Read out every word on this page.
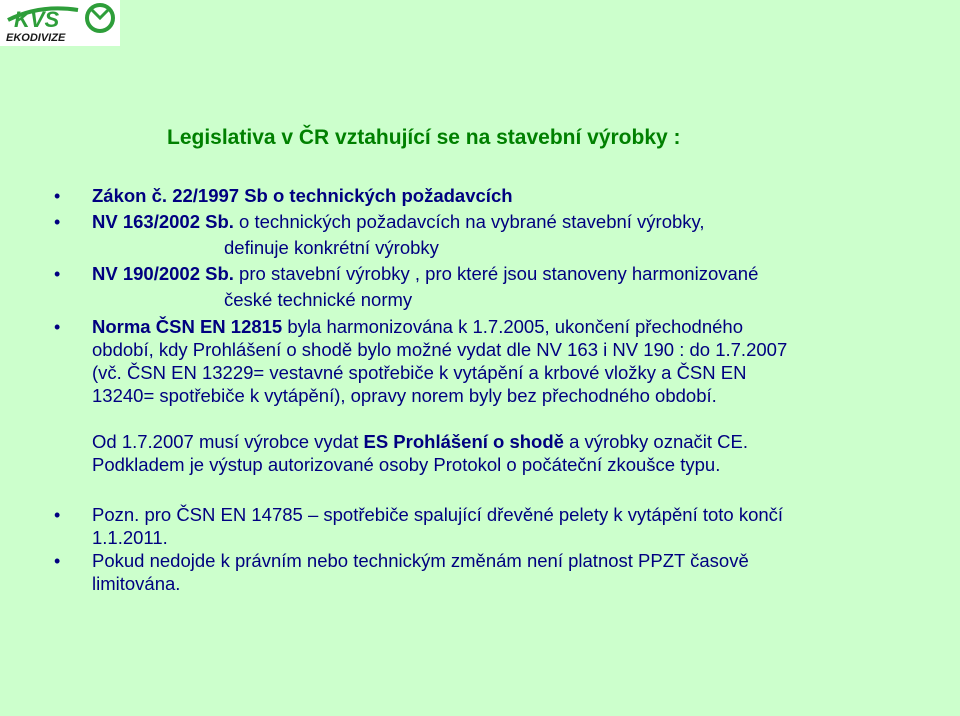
KVS
EKODIVIZE
Legislativa v ČR vztahující se na stavební výrobky :
• Zákon č. 22/1997 Sb o technických požadavcích
• NV 163/2002 Sb. o technických požadavcích na vybrané stavební výrobky,
definuje konkrétní výrobky
• NV 190/2002 Sb. pro stavební výrobky , pro které jsou stanoveny harmonizované
české technické normy
• Norma ČSN EN 12815 byla harmonizována k 1.7.2005, ukončení přechodného
období, kdy Prohlášení o shodě bylo možné vydat dle NV 163 i NV 190 : do 1.7.2007
(vč. ČSN EN 13229= vestavné spotřebiče k vytápění a krbové vložky a ČSN EN
13240= spotřebiče k vytápění), opravy norem byly bez přechodného období.
Od 1.7.2007 musí výrobce vydat ES Prohlášení o shodě a výrobky označit CE.
Podkladem je výstup autorizované osoby Protokol o počáteční zkoušce typu.
• Pozn. pro ČSN EN 14785 – spotřebiče spalující dřevěné pelety k vytápění toto končí
1.1.2011.
• Pokud nedojde k právním nebo technickým změnám není platnost PPZT časově
limitována.
